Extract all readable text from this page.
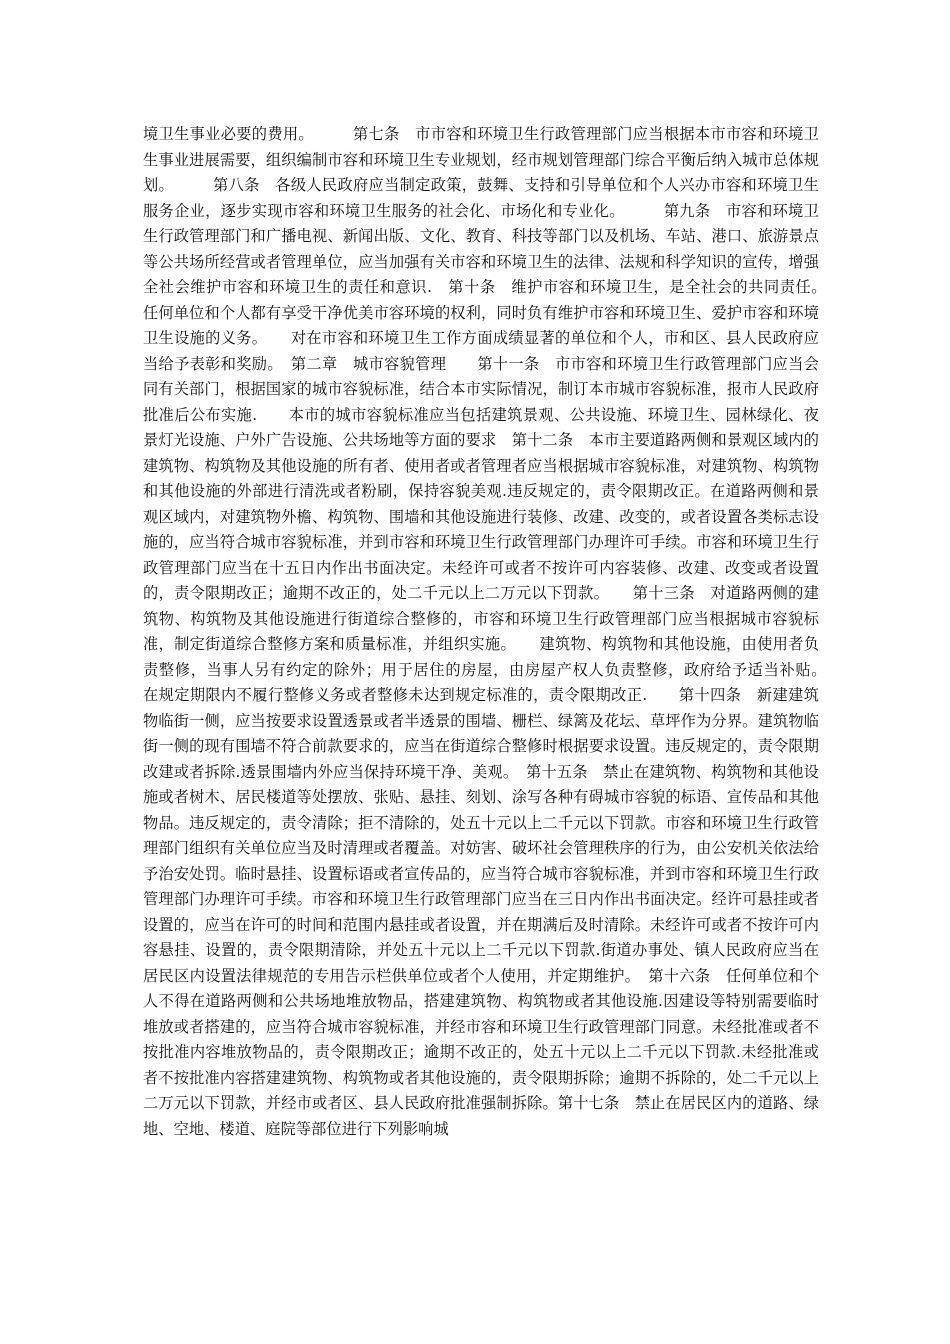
境卫生事业必要的费用。　　　第七条　市市容和环境卫生行政管理部门应当根据本市市容和环境卫生事业进展需要，组织编制市容和环境卫生专业规划，经市规划管理部门综合平衡后纳入城市总体规划。　　　第八条　各级人民政府应当制定政策，鼓舞、支持和引导单位和个人兴办市容和环境卫生服务企业，逐步实现市容和环境卫生服务的社会化、市场化和专业化。　　　第九条　市容和环境卫生行政管理部门和广播电视、新闻出版、文化、教育、科技等部门以及机场、车站、港口、旅游景点等公共场所经营或者管理单位，应当加强有关市容和环境卫生的法律、法规和科学知识的宣传，增强全社会维护市容和环境卫生的责任和意识.　第十条　维护市容和环境卫生，是全社会的共同责任。　　任何单位和个人都有享受干净优美市容环境的权利，同时负有维护市容和环境卫生、爱护市容和环境卫生设施的义务。　　对在市容和环境卫生工作方面成绩显著的单位和个人，市和区、县人民政府应当给予表彰和奖励。　第二章　城市容貌管理　　第十一条　市市容和环境卫生行政管理部门应当会同有关部门，根据国家的城市容貌标准，结合本市实际情况，制订本市城市容貌标准，报市人民政府批准后公布实施.　　本市的城市容貌标准应当包括建筑景观、公共设施、环境卫生、园林绿化、夜景灯光设施、户外广告设施、公共场地等方面的要求　第十二条　本市主要道路两侧和景观区域内的建筑物、构筑物及其他设施的所有者、使用者或者管理者应当根据城市容貌标准，对建筑物、构筑物和其他设施的外部进行清洗或者粉刷，保持容貌美观.违反规定的，责令限期改正。在道路两侧和景观区域内，对建筑物外檐、构筑物、围墙和其他设施进行装修、改建、改变的，或者设置各类标志设施的，应当符合城市容貌标准，并到市容和环境卫生行政管理部门办理许可手续。市容和环境卫生行政管理部门应当在十五日内作出书面决定。未经许可或者不按许可内容装修、改建、改变或者设置的，责令限期改正；逾期不改正的，处二千元以上二万元以下罚款。　　第十三条　对道路两侧的建筑物、构筑物及其他设施进行街道综合整修的，市容和环境卫生行政管理部门应当根据城市容貌标准，制定街道综合整修方案和质量标准，并组织实施。　　建筑物、构筑物和其他设施，由使用者负责整修，当事人另有约定的除外；用于居住的房屋，由房屋产权人负责整修，政府给予适当补贴。　　在规定期限内不履行整修义务或者整修未达到规定标准的，责令限期改正.　　第十四条　新建建筑物临街一侧，应当按要求设置透景或者半透景的围墙、栅栏、绿篱及花坛、草坪作为分界。建筑物临街一侧的现有围墙不符合前款要求的，应当在街道综合整修时根据要求设置。违反规定的，责令限期改建或者拆除.透景围墙内外应当保持环境干净、美观。　第十五条　禁止在建筑物、构筑物和其他设施或者树木、居民楼道等处摆放、张贴、悬挂、刻划、涂写各种有碍城市容貌的标语、宣传品和其他物品。违反规定的，责令清除；拒不清除的，处五十元以上二千元以下罚款。市容和环境卫生行政管理部门组织有关单位应当及时清理或者覆盖。对妨害、破坏社会管理秩序的行为，由公安机关依法给予治安处罚。临时悬挂、设置标语或者宣传品的，应当符合城市容貌标准，并到市容和环境卫生行政管理部门办理许可手续。市容和环境卫生行政管理部门应当在三日内作出书面决定。经许可悬挂或者设置的，应当在许可的时间和范围内悬挂或者设置，并在期满后及时清除。未经许可或者不按许可内容悬挂、设置的，责令限期清除，并处五十元以上二千元以下罚款.街道办事处、镇人民政府应当在居民区内设置法律规范的专用告示栏供单位或者个人使用，并定期维护。　第十六条　任何单位和个人不得在道路两侧和公共场地堆放物品，搭建建筑物、构筑物或者其他设施.因建设等特别需要临时堆放或者搭建的，应当符合城市容貌标准，并经市容和环境卫生行政管理部门同意。未经批准或者不按批准内容堆放物品的，责令限期改正；逾期不改正的，处五十元以上二千元以下罚款.未经批准或者不按批准内容搭建建筑物、构筑物或者其他设施的，责令限期拆除；逾期不拆除的，处二千元以上二万元以下罚款，并经市或者区、县人民政府批准强制拆除。第十七条　禁止在居民区内的道路、绿地、空地、楼道、庭院等部位进行下列影响城
